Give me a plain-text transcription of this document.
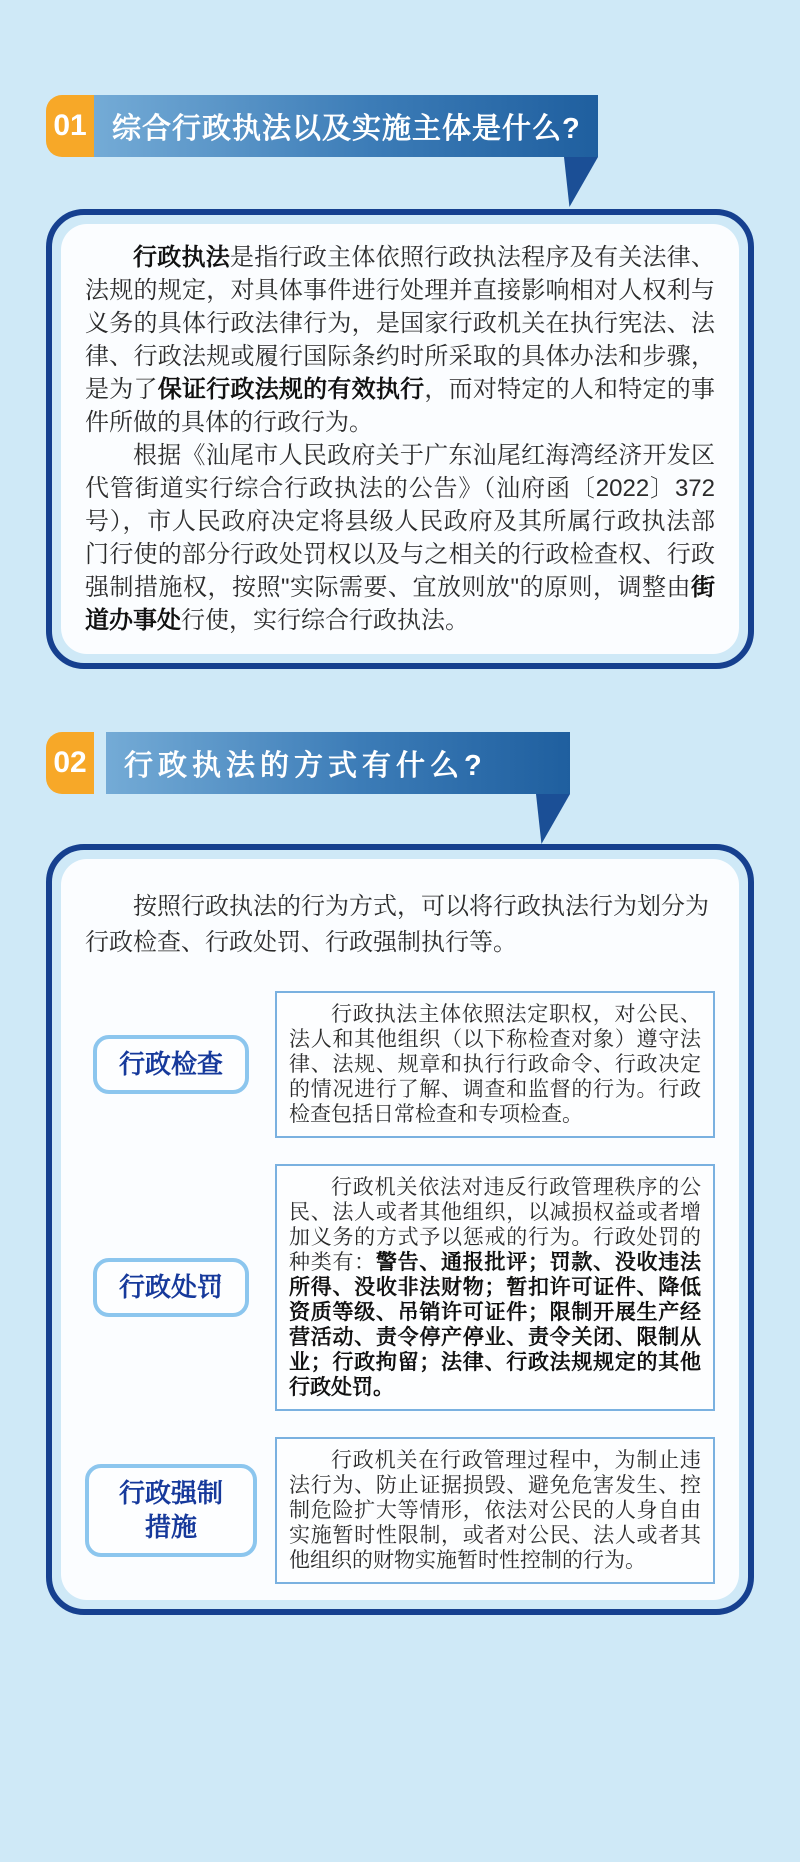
01 综合行政执法以及实施主体是什么?

行政执法是指行政主体依照行政执法程序及有关法律、法规的规定，对具体事件进行处理并直接影响相对人权利与义务的具体行政法律行为，是国家行政机关在执行宪法、法律、行政法规或履行国际条约时所采取的具体办法和步骤，是为了保证行政法规的有效执行，而对特定的人和特定的事件所做的具体的行政行为。

根据《汕尾市人民政府关于广东汕尾红海湾经济开发区代管街道实行综合行政执法的公告》（汕府函〔2022〕372号），市人民政府决定将县级人民政府及其所属行政执法部门行使的部分行政处罚权以及与之相关的行政检查权、行政强制措施权，按照"实际需要、宜放则放"的原则，调整由街道办事处行使，实行综合行政执法。

02 行政执法的方式有什么?

按照行政执法的行为方式，可以将行政执法行为划分为行政检查、行政处罚、行政强制执行等。

行政检查
行政执法主体依照法定职权，对公民、法人和其他组织（以下称检查对象）遵守法律、法规、规章和执行行政命令、行政决定的情况进行了解、调查和监督的行为。行政检查包括日常检查和专项检查。
行政处罚
行政机关依法对违反行政管理秩序的公民、法人或者其他组织，以减损权益或者增加义务的方式予以惩戒的行为。行政处罚的种类有：警告、通报批评；罚款、没收违法所得、没收非法财物；暂扣许可证件、降低资质等级、吊销许可证件；限制开展生产经营活动、责令停产停业、责令关闭、限制从业；行政拘留；法律、行政法规规定的其他行政处罚。
行政强制措施
行政机关在行政管理过程中，为制止违法行为、防止证据损毁、避免危害发生、控制危险扩大等情形，依法对公民的人身自由实施暂时性限制，或者对公民、法人或者其他组织的财物实施暂时性控制的行为。
